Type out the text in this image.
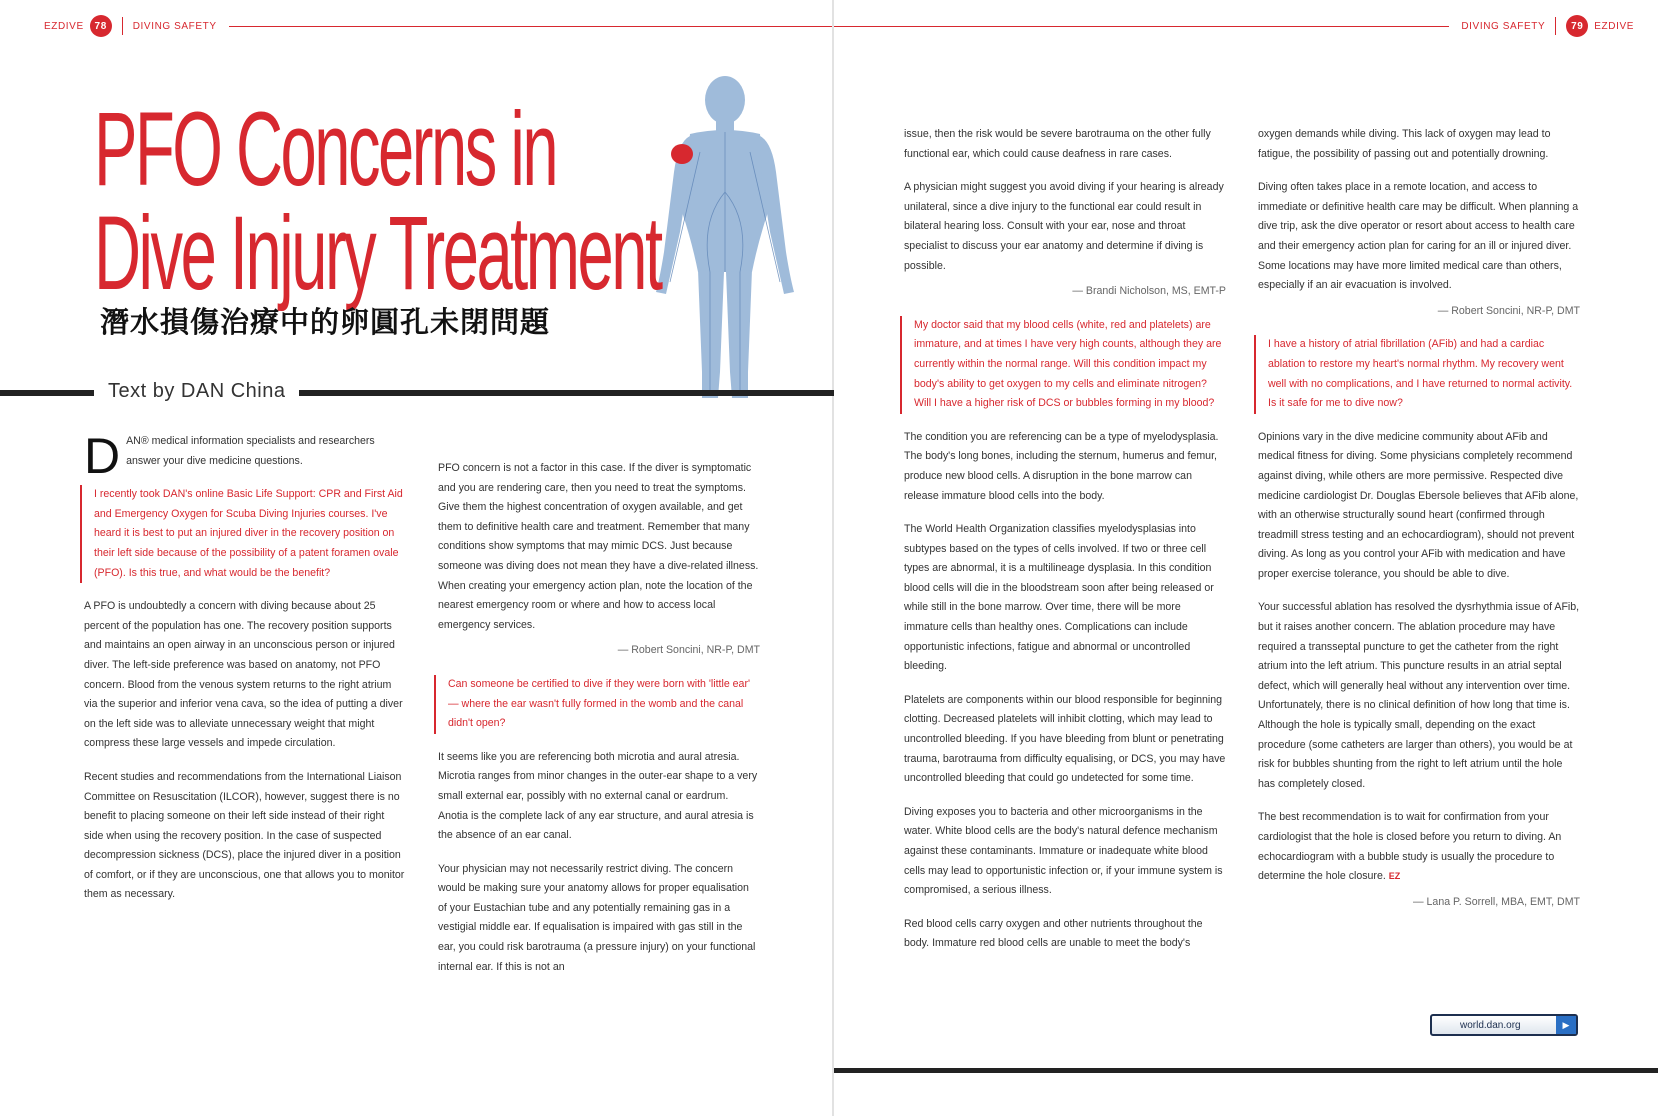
EZDIVE	78	DIVING SAFETY
PFO Concerns in
Dive Injury Treatment
潛水損傷治療中的卵圓孔未閉問題
Text by DAN China

DAN® medical information specialists and researchers answer your dive medicine questions.

I recently took DAN's online Basic Life Support: CPR and First Aid and Emergency Oxygen for Scuba Diving Injuries courses. I've heard it is best to put an injured diver in the recovery position on their left side because of the possibility of a patent foramen ovale (PFO). Is this true, and what would be the benefit?

A PFO is undoubtedly a concern with diving because about 25 percent of the population has one. The recovery position supports and maintains an open airway in an unconscious person or injured diver. The left-side preference was based on anatomy, not PFO concern. Blood from the venous system returns to the right atrium via the superior and inferior vena cava, so the idea of putting a diver on the left side was to alleviate unnecessary weight that might compress these large vessels and impede circulation.

Recent studies and recommendations from the International Liaison Committee on Resuscitation (ILCOR), however, suggest there is no benefit to placing someone on their left side instead of their right side when using the recovery position. In the case of suspected decompression sickness (DCS), place the injured diver in a position of comfort, or if they are unconscious, one that allows you to monitor them as necessary.

PFO concern is not a factor in this case. If the diver is symptomatic and you are rendering care, then you need to treat the symptoms. Give them the highest concentration of oxygen available, and get them to definitive health care and treatment. Remember that many conditions show symptoms that may mimic DCS. Just because someone was diving does not mean they have a dive-related illness. When creating your emergency action plan, note the location of the nearest emergency room or where and how to access local emergency services.

— Robert Soncini, NR-P, DMT

Can someone be certified to dive if they were born with 'little ear' — where the ear wasn't fully formed in the womb and the canal didn't open?

It seems like you are referencing both microtia and aural atresia. Microtia ranges from minor changes in the outer-ear shape to a very small external ear, possibly with no external canal or eardrum. Anotia is the complete lack of any ear structure, and aural atresia is the absence of an ear canal.

Your physician may not necessarily restrict diving. The concern would be making sure your anatomy allows for proper equalisation of your Eustachian tube and any potentially remaining gas in a vestigial middle ear. If equalisation is impaired with gas still in the ear, you could risk barotrauma (a pressure injury) on your functional internal ear. If this is not an

DIVING SAFETY	79	EZDIVE

issue, then the risk would be severe barotrauma on the other fully functional ear, which could cause deafness in rare cases.

A physician might suggest you avoid diving if your hearing is already unilateral, since a dive injury to the functional ear could result in bilateral hearing loss. Consult with your ear, nose and throat specialist to discuss your ear anatomy and determine if diving is possible.

— Brandi Nicholson, MS, EMT-P

My doctor said that my blood cells (white, red and platelets) are immature, and at times I have very high counts, although they are currently within the normal range. Will this condition impact my body's ability to get oxygen to my cells and eliminate nitrogen? Will I have a higher risk of DCS or bubbles forming in my blood?

The condition you are referencing can be a type of myelodysplasia. The body's long bones, including the sternum, humerus and femur, produce new blood cells. A disruption in the bone marrow can release immature blood cells into the body.

The World Health Organization classifies myelodysplasias into subtypes based on the types of cells involved. If two or three cell types are abnormal, it is a multilineage dysplasia. In this condition blood cells will die in the bloodstream soon after being released or while still in the bone marrow. Over time, there will be more immature cells than healthy ones. Complications can include opportunistic infections, fatigue and abnormal or uncontrolled bleeding.

Platelets are components within our blood responsible for beginning clotting. Decreased platelets will inhibit clotting, which may lead to uncontrolled bleeding. If you have bleeding from blunt or penetrating trauma, barotrauma from difficulty equalising, or DCS, you may have uncontrolled bleeding that could go undetected for some time.

Diving exposes you to bacteria and other microorganisms in the water. White blood cells are the body's natural defence mechanism against these contaminants. Immature or inadequate white blood cells may lead to opportunistic infection or, if your immune system is compromised, a serious illness.

Red blood cells carry oxygen and other nutrients throughout the body. Immature red blood cells are unable to meet the body's

oxygen demands while diving. This lack of oxygen may lead to fatigue, the possibility of passing out and potentially drowning.

Diving often takes place in a remote location, and access to immediate or definitive health care may be difficult. When planning a dive trip, ask the dive operator or resort about access to health care and their emergency action plan for caring for an ill or injured diver. Some locations may have more limited medical care than others, especially if an air evacuation is involved.

— Robert Soncini, NR-P, DMT

I have a history of atrial fibrillation (AFib) and had a cardiac ablation to restore my heart's normal rhythm. My recovery went well with no complications, and I have returned to normal activity. Is it safe for me to dive now?

Opinions vary in the dive medicine community about AFib and medical fitness for diving. Some physicians completely recommend against diving, while others are more permissive. Respected dive medicine cardiologist Dr. Douglas Ebersole believes that AFib alone, with an otherwise structurally sound heart (confirmed through treadmill stress testing and an echocardiogram), should not prevent diving. As long as you control your AFib with medication and have proper exercise tolerance, you should be able to dive.

Your successful ablation has resolved the dysrhythmia issue of AFib, but it raises another concern. The ablation procedure may have required a transseptal puncture to get the catheter from the right atrium into the left atrium. This puncture results in an atrial septal defect, which will generally heal without any intervention over time. Unfortunately, there is no clinical definition of how long that time is. Although the hole is typically small, depending on the exact procedure (some catheters are larger than others), you would be at risk for bubbles shunting from the right to left atrium until the hole has completely closed.

The best recommendation is to wait for confirmation from your cardiologist that the hole is closed before you return to diving. An echocardiogram with a bubble study is usually the procedure to determine the hole closure. EZ

— Lana P. Sorrell, MBA, EMT, DMT

world.dan.org	▶
